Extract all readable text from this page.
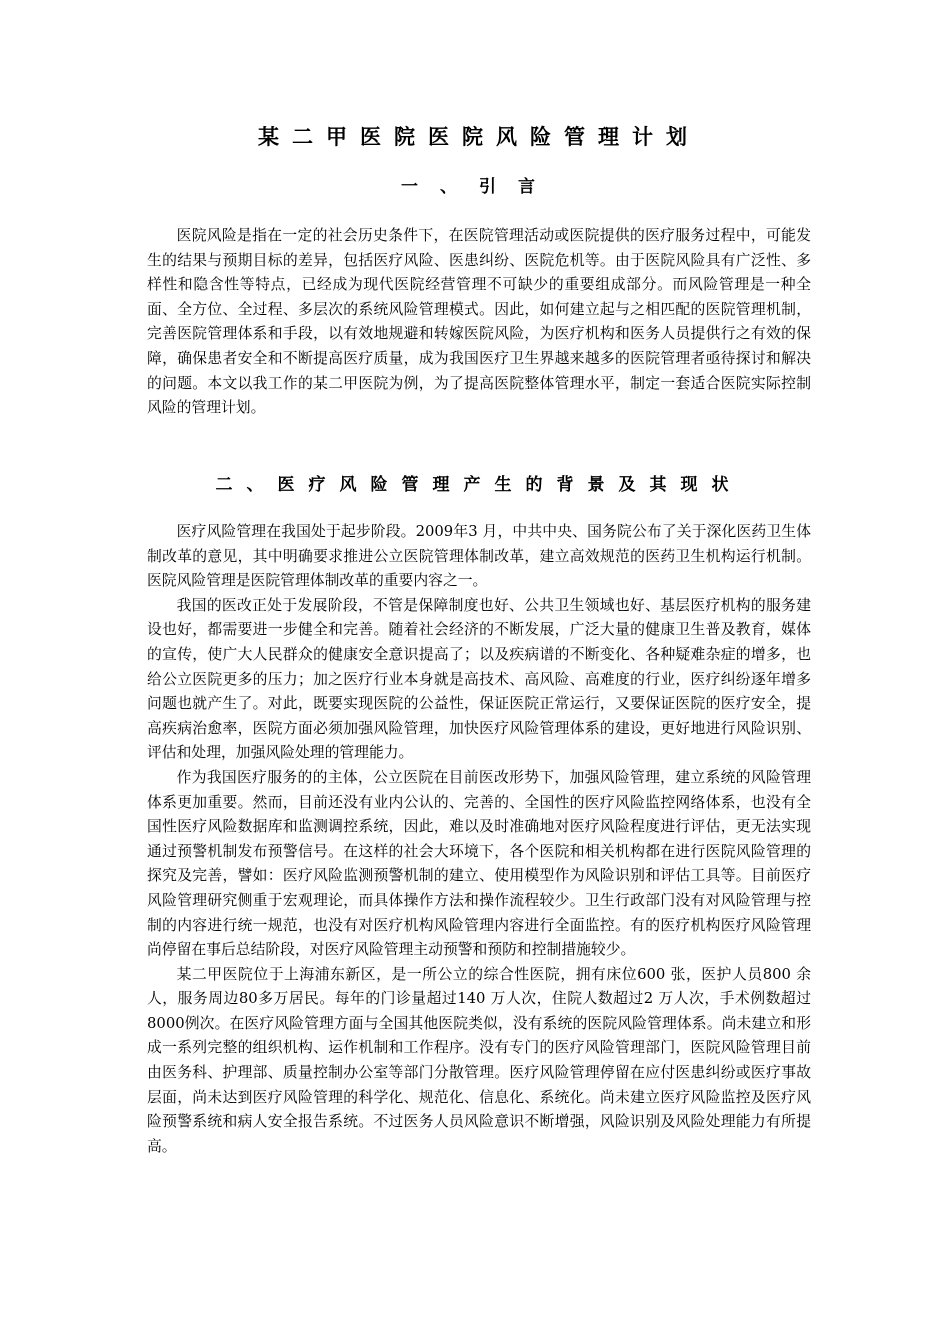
某二甲医院医院风险管理计划
一、引言

医院风险是指在一定的社会历史条件下，在医院管理活动或医院提供的医疗服务过程中，可能发生的结果与预期目标的差异，包括医疗风险、医患纠纷、医院危机等。由于医院风险具有广泛性、多样性和隐含性等特点，已经成为现代医院经营管理不可缺少的重要组成部分。而风险管理是一种全面、全方位、全过程、多层次的系统风险管理模式。因此，如何建立起与之相匹配的医院管理机制，完善医院管理体系和手段，以有效地规避和转嫁医院风险，为医疗机构和医务人员提供行之有效的保障，确保患者安全和不断提高医疗质量，成为我国医疗卫生界越来越多的医院管理者亟待探讨和解决的问题。本文以我工作的某二甲医院为例，为了提高医院整体管理水平，制定一套适合医院实际控制风险的管理计划。

二、医疗风险管理产生的背景及其现状

医疗风险管理在我国处于起步阶段。2009年3 月，中共中央、国务院公布了关于深化医药卫生体制改革的意见，其中明确要求推进公立医院管理体制改革，建立高效规范的医药卫生机构运行机制。医院风险管理是医院管理体制改革的重要内容之一。

我国的医改正处于发展阶段，不管是保障制度也好、公共卫生领域也好、基层医疗机构的服务建设也好，都需要进一步健全和完善。随着社会经济的不断发展，广泛大量的健康卫生普及教育，媒体的宣传，使广大人民群众的健康安全意识提高了；以及疾病谱的不断变化、各种疑难杂症的增多，也给公立医院更多的压力；加之医疗行业本身就是高技术、高风险、高难度的行业，医疗纠纷逐年增多问题也就产生了。对此，既要实现医院的公益性，保证医院正常运行，又要保证医院的医疗安全，提高疾病治愈率，医院方面必须加强风险管理，加快医疗风险管理体系的建设，更好地进行风险识别、评估和处理，加强风险处理的管理能力。

作为我国医疗服务的的主体，公立医院在目前医改形势下，加强风险管理，建立系统的风险管理体系更加重要。然而，目前还没有业内公认的、完善的、全国性的医疗风险监控网络体系，也没有全国性医疗风险数据库和监测调控系统，因此，难以及时准确地对医疗风险程度进行评估，更无法实现通过预警机制发布预警信号。在这样的社会大环境下，各个医院和相关机构都在进行医院风险管理的探究及完善，譬如：医疗风险监测预警机制的建立、使用模型作为风险识别和评估工具等。目前医疗风险管理研究侧重于宏观理论，而具体操作方法和操作流程较少。卫生行政部门没有对风险管理与控制的内容进行统一规范，也没有对医疗机构风险管理内容进行全面监控。有的医疗机构医疗风险管理尚停留在事后总结阶段，对医疗风险管理主动预警和预防和控制措施较少。

某二甲医院位于上海浦东新区，是一所公立的综合性医院，拥有床位600 张，医护人员800 余人，服务周边80多万居民。每年的门诊量超过140 万人次，住院人数超过2 万人次，手术例数超过8000例次。在医疗风险管理方面与全国其他医院类似，没有系统的医院风险管理体系。尚未建立和形成一系列完整的组织机构、运作机制和工作程序。没有专门的医疗风险管理部门，医院风险管理目前由医务科、护理部、质量控制办公室等部门分散管理。医疗风险管理停留在应付医患纠纷或医疗事故层面，尚未达到医疗风险管理的科学化、规范化、信息化、系统化。尚未建立医疗风险监控及医疗风险预警系统和病人安全报告系统。不过医务人员风险意识不断增强，风险识别及风险处理能力有所提高。
